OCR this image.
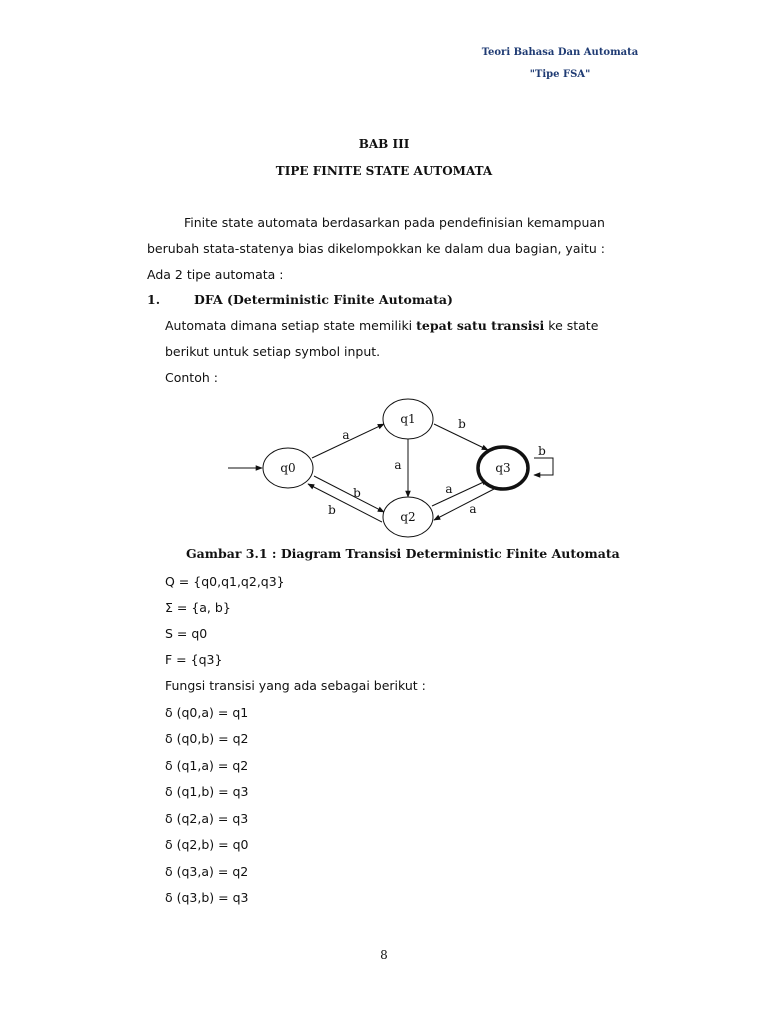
Teori Bahasa Dan Automata
"Tipe FSA"
BAB III
TIPE FINITE STATE AUTOMATA
Finite state automata berdasarkan pada pendefinisian kemampuan
berubah stata-statenya bias dikelompokkan ke dalam dua bagian, yaitu :
Ada 2 tipe automata :
1.	DFA (Deterministic Finite Automata)
Automata dimana setiap state memiliki tepat satu transisi ke state
berikut untuk setiap symbol input.
Contoh :
q0
q1
q2
q3
a
b
b
a
b
a
a
b
Gambar 3.1 : Diagram Transisi Deterministic Finite Automata
Q = {q0,q1,q2,q3}
Σ = {a, b}
S = q0
F = {q3}
Fungsi transisi yang ada sebagai berikut :
δ (q0,a) = q1
δ (q0,b) = q2
δ (q1,a) = q2
δ (q1,b) = q3
δ (q2,a) = q3
δ (q2,b) = q0
δ (q3,a) = q2
δ (q3,b) = q3
8
